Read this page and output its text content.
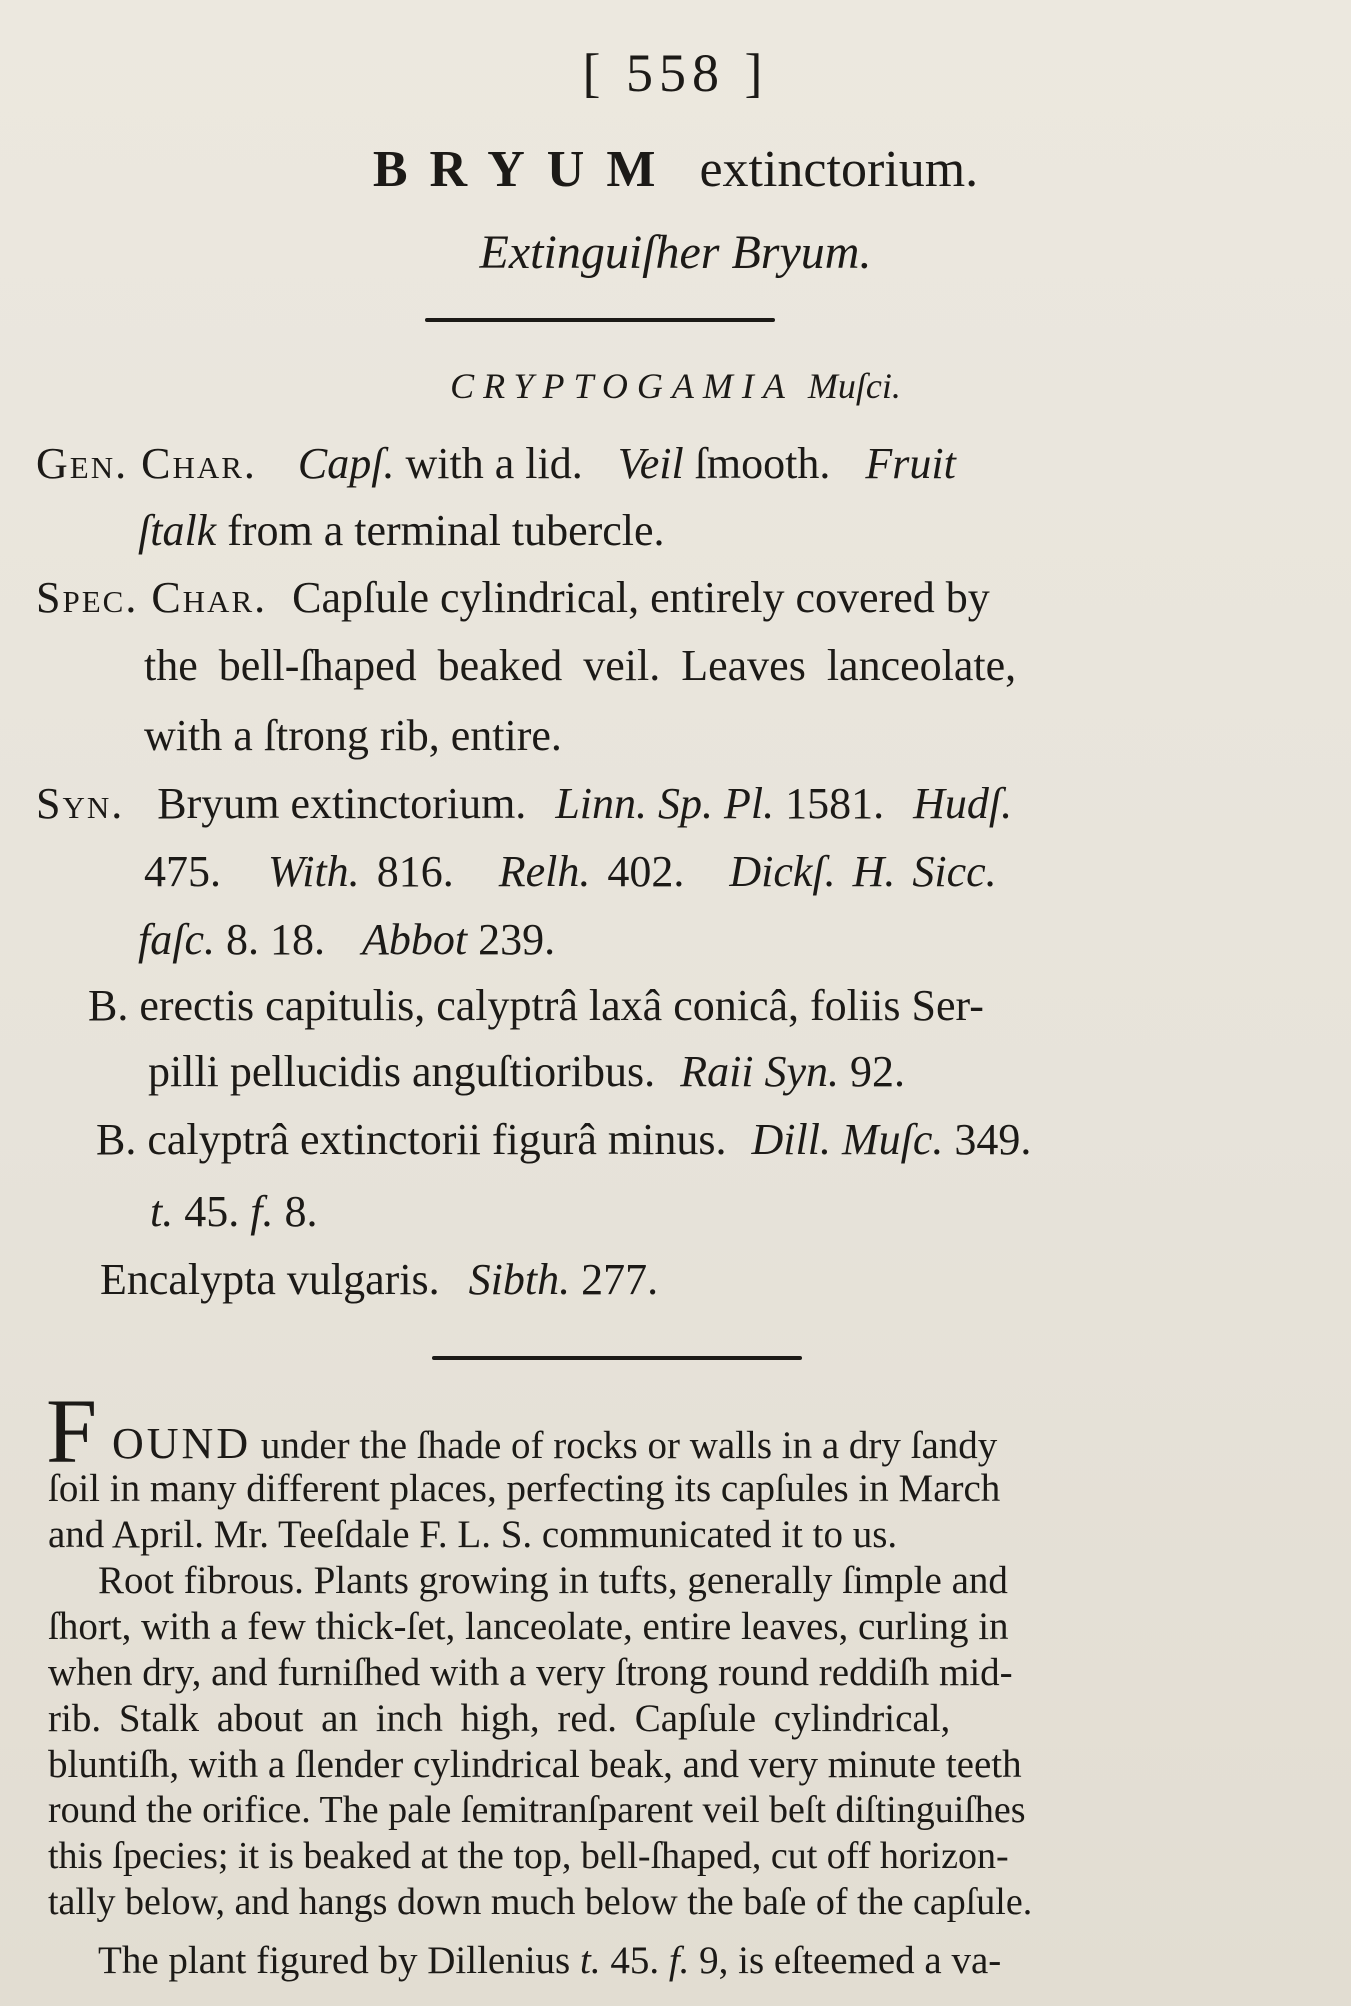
[ 558 ]
BRYUM extinctorium.
Extinguiſher Bryum.
CRYPTOGAMIA Muſci.
Gen. Char. Capſ. with a lid. Veil ſmooth. Fruit
ſtalk from a terminal tubercle.
Spec. Char. Capſule cylindrical, entirely covered by
the bell-ſhaped beaked veil. Leaves lanceolate,
with a ſtrong rib, entire.
Syn. Bryum extinctorium. Linn. Sp. Pl. 1581. Hudſ.
475. With. 816. Relh. 402. Dickſ. H. Sicc.
faſc. 8. 18. Abbot 239.
B. erectis capitulis, calyptrâ laxâ conicâ, foliis Ser-
pilli pellucidis anguſtioribus. Raii Syn. 92.
B. calyptrâ extinctorii figurâ minus. Dill. Muſc. 349.
t. 45. f. 8.
Encalypta vulgaris. Sibth. 277.
F OUND under the ſhade of rocks or walls in a dry ſandy
ſoil in many different places, perfecting its capſules in March
and April. Mr. Teeſdale F. L. S. communicated it to us.
Root fibrous. Plants growing in tufts, generally ſimple and
ſhort, with a few thick-ſet, lanceolate, entire leaves, curling in
when dry, and furniſhed with a very ſtrong round reddiſh mid-
rib. Stalk about an inch high, red. Capſule cylindrical,
bluntiſh, with a ſlender cylindrical beak, and very minute teeth
round the orifice. The pale ſemitranſparent veil beſt diſtinguiſhes
this ſpecies; it is beaked at the top, bell-ſhaped, cut off horizon-
tally below, and hangs down much below the baſe of the capſule.
The plant figured by Dillenius t. 45. f. 9, is eſteemed a va-
